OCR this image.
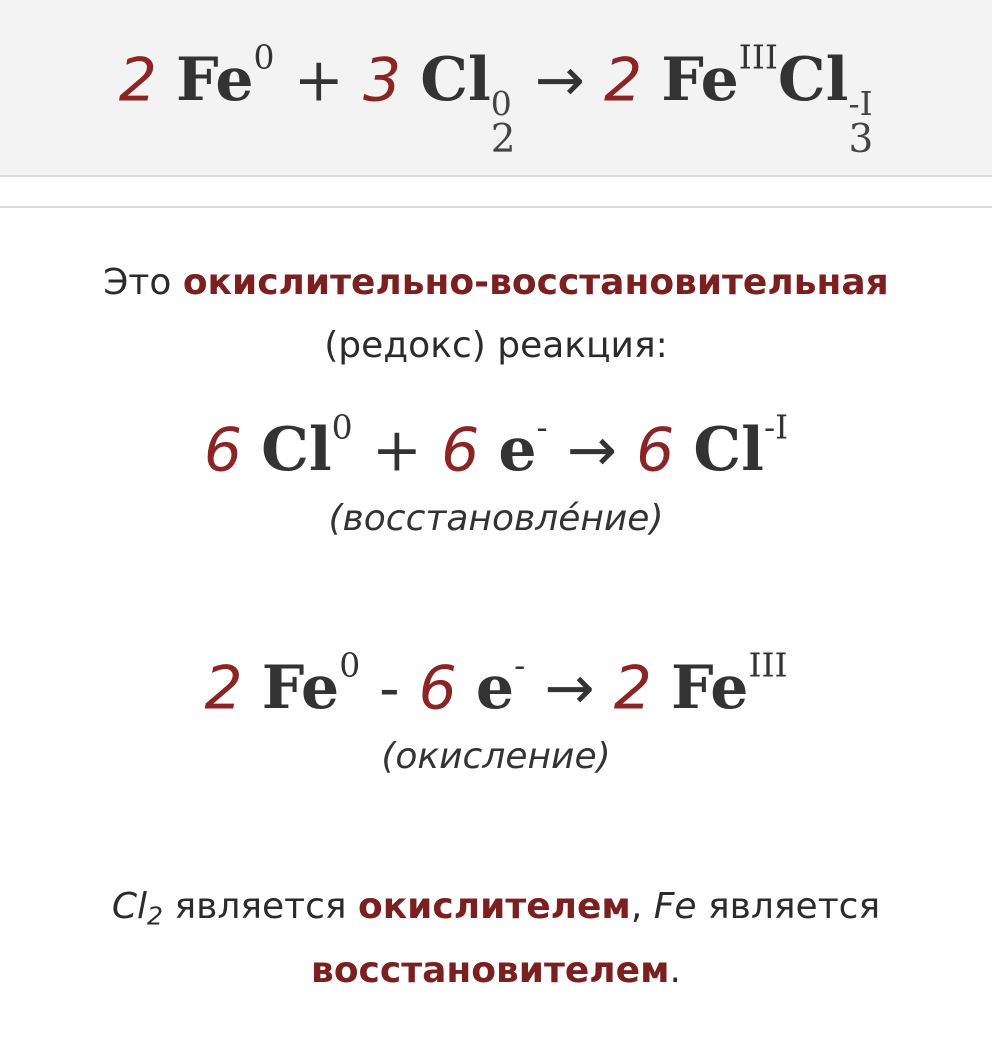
2 $Fe^0 + 3$ Cl 0
2
→ 2 $Fe^{III}Cl$ -I
3
Это окислительно-восстановительная
(редокс) реакция:
6 $Cl^0 + 6$ e- → 6 $Cl^{-I}$
(восстановле́ние)
2 Fe$^0$ - 6 e- → 2 $Fe^{III}$
(окисление)
Cl2 является окислителем, Fe является
восстановителем.
